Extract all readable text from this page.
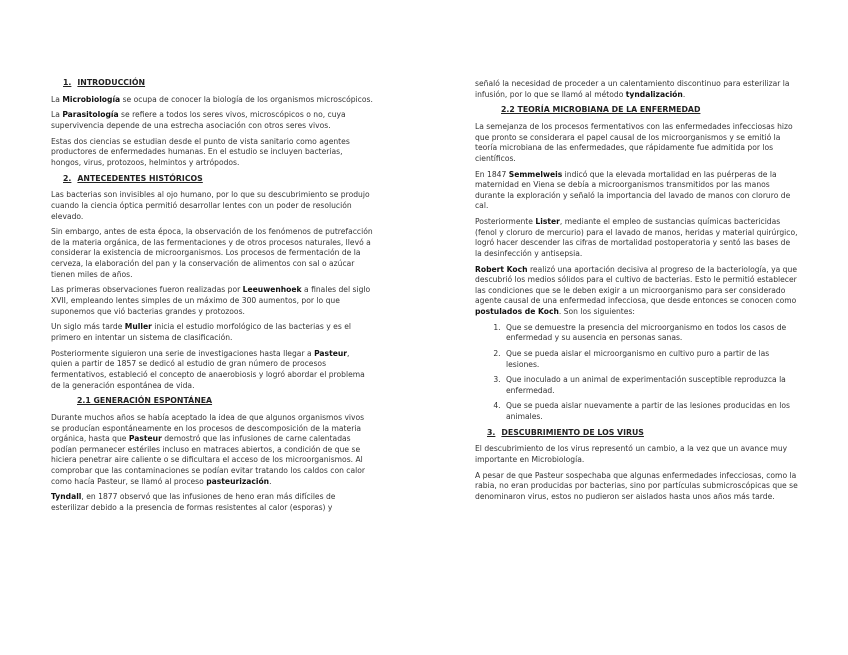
1. INTRODUCCIÓN

La Microbiología se ocupa de conocer la biología de los organismos microscópicos.

La Parasitología se refiere a todos los seres vivos, microscópicos o no, cuya supervivencia depende de una estrecha asociación con otros seres vivos.

Estas dos ciencias se estudian desde el punto de vista sanitario como agentes productores de enfermedades humanas. En el estudio se incluyen bacterias, hongos, virus, protozoos, helmintos y artrópodos.

2. ANTECEDENTES HISTÓRICOS

Las bacterias son invisibles al ojo humano, por lo que su descubrimiento se produjo cuando la ciencia óptica permitió desarrollar lentes con un poder de resolución elevado.

Sin embargo, antes de esta época, la observación de los fenómenos de putrefacción de la materia orgánica, de las fermentaciones y de otros procesos naturales, llevó a considerar la existencia de microorganismos. Los procesos de fermentación de la cerveza, la elaboración del pan y la conservación de alimentos con sal o azúcar tienen miles de años.

Las primeras observaciones fueron realizadas por Leeuwenhoek a finales del siglo XVII, empleando lentes simples de un máximo de 300 aumentos, por lo que suponemos que vió bacterias grandes y protozoos.

Un siglo más tarde Muller inicia el estudio morfológico de las bacterias y es el primero en intentar un sistema de clasificación.

Posteriormente siguieron una serie de investigaciones hasta llegar a Pasteur, quien a partir de 1857 se dedicó al estudio de gran número de procesos fermentativos, estableció el concepto de anaerobiosis y logró abordar el problema de la generación espontánea de vida.

2.1 GENERACIÓN ESPONTÁNEA

Durante muchos años se había aceptado la idea de que algunos organismos vivos se producían espontáneamente en los procesos de descomposición de la materia orgánica, hasta que Pasteur demostró que las infusiones de carne calentadas podían permanecer estériles incluso en matraces abiertos, a condición de que se hiciera penetrar aire caliente o se dificultara el acceso de los microorganismos. Al comprobar que las contaminaciones se podían evitar tratando los caldos con calor como hacía Pasteur, se llamó al proceso pasteurización.

Tyndall, en 1877 observó que las infusiones de heno eran más difíciles de esterilizar debido a la presencia de formas resistentes al calor (esporas) y

señaló la necesidad de proceder a un calentamiento discontinuo para esterilizar la infusión, por lo que se llamó al método tyndalización.

2.2 TEORÍA MICROBIANA DE LA ENFERMEDAD

La semejanza de los procesos fermentativos con las enfermedades infecciosas hizo que pronto se considerara el papel causal de los microorganismos y se emitió la teoría microbiana de las enfermedades, que rápidamente fue admitida por los científicos.

En 1847 Semmelweis indicó que la elevada mortalidad en las puérperas de la maternidad en Viena se debía a microorganismos transmitidos por las manos durante la exploración y señaló la importancia del lavado de manos con cloruro de cal.

Posteriormente Lister, mediante el empleo de sustancias químicas bactericidas (fenol y cloruro de mercurio) para el lavado de manos, heridas y material quirúrgico, logró hacer descender las cifras de mortalidad postoperatoria y sentó las bases de la desinfección y antisepsia.

Robert Koch realizó una aportación decisiva al progreso de la bacteriología, ya que descubrió los medios sólidos para el cultivo de bacterias. Esto le permitió establecer las condiciones que se le deben exigir a un microorganismo para ser considerado agente causal de una enfermedad infecciosa, que desde entonces se conocen como postulados de Koch. Son los siguientes:

1. Que se demuestre la presencia del microorganismo en todos los casos de enfermedad y su ausencia en personas sanas.
2. Que se pueda aislar el microorganismo en cultivo puro a partir de las lesiones.
3. Que inoculado a un animal de experimentación susceptible reproduzca la enfermedad.
4. Que se pueda aislar nuevamente a partir de las lesiones producidas en los animales.
3. DESCUBRIMIENTO DE LOS VIRUS

El descubrimiento de los virus representó un cambio, a la vez que un avance muy importante en Microbiología.

A pesar de que Pasteur sospechaba que algunas enfermedades infecciosas, como la rabia, no eran producidas por bacterias, sino por partículas submicroscópicas que se denominaron virus, estos no pudieron ser aislados hasta unos años más tarde.
